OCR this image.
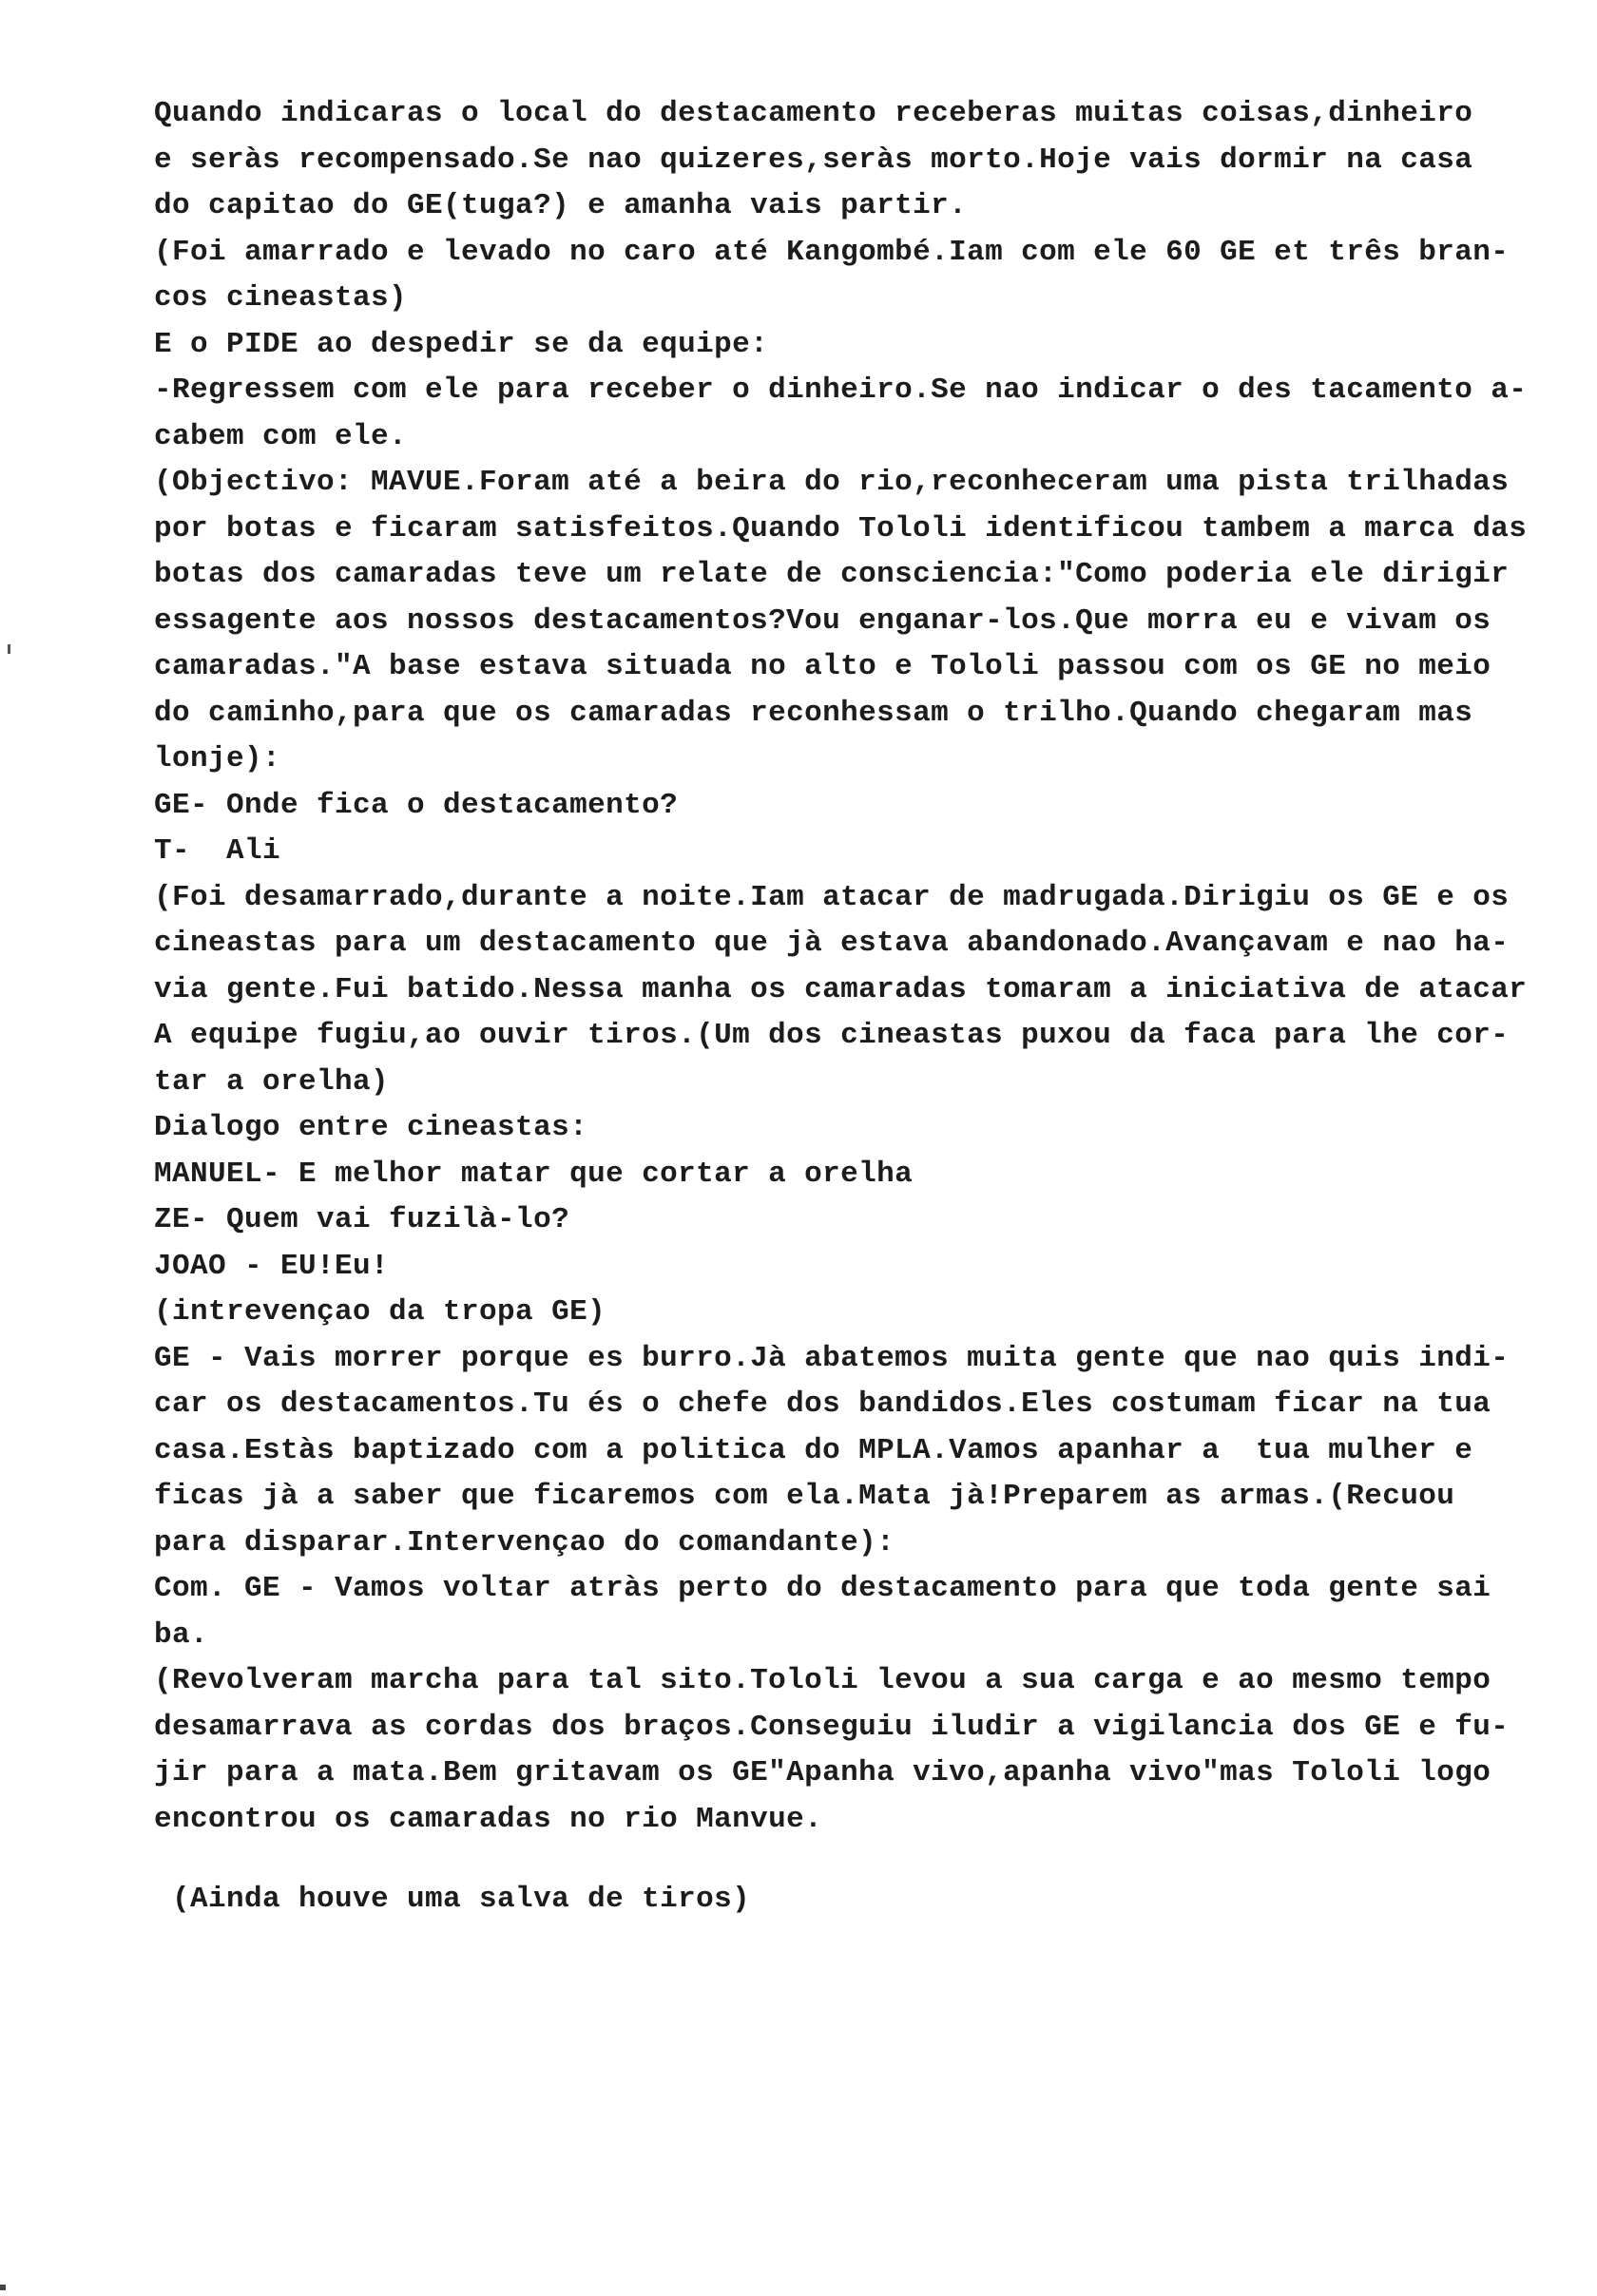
Quando indicaras o local do destacamento receberas muitas coisas,dinheiro
e seràs recompensado.Se nao quizeres,seràs morto.Hoje vais dormir na casa
do capitao do GE(tuga?) e amanha vais partir.
(Foi amarrado e levado no caro até Kangombé.Iam com ele 60 GE et três bran-
cos cineastas)
E o PIDE ao despedir se da equipe:
-Regressem com ele para receber o dinheiro.Se nao indicar o des tacamento a-
cabem com ele.
(Objectivo: MAVUE.Foram até a beira do rio,reconheceram uma pista trilhadas
por botas e ficaram satisfeitos.Quando Tololi identificou tambem a marca das
botas dos camaradas teve um relate de consciencia:"Como poderia ele dirigir
essagente aos nossos destacamentos?Vou enganar-los.Que morra eu e vivam os
camaradas."A base estava situada no alto e Tololi passou com os GE no meio
do caminho,para que os camaradas reconhessam o trilho.Quando chegaram mas
lonje):
GE- Onde fica o destacamento?
T-  Ali
(Foi desamarrado,durante a noite.Iam atacar de madrugada.Dirigiu os GE e os
cineastas para um destacamento que jà estava abandonado.Avançavam e nao ha-
via gente.Fui batido.Nessa manha os camaradas tomaram a iniciativa de atacar
A equipe fugiu,ao ouvir tiros.(Um dos cineastas puxou da faca para lhe cor-
tar a orelha)
Dialogo entre cineastas:
MANUEL- E melhor matar que cortar a orelha
ZE- Quem vai fuzilà-lo?
JOAO - EU!Eu!
(intrevençao da tropa GE)
GE - Vais morrer porque es burro.Jà abatemos muita gente que nao quis indi-
car os destacamentos.Tu és o chefe dos bandidos.Eles costumam ficar na tua
casa.Estàs baptizado com a politica do MPLA.Vamos apanhar a  tua mulher e
ficas jà a saber que ficaremos com ela.Mata jà!Preparem as armas.(Recuou
para disparar.Intervençao do comandante):
Com. GE - Vamos voltar atràs perto do destacamento para que toda gente sai
ba.
(Revolveram marcha para tal sito.Tololi levou a sua carga e ao mesmo tempo
desamarrava as cordas dos braços.Conseguiu iludir a vigilancia dos GE e fu-
jir para a mata.Bem gritavam os GE"Apanha vivo,apanha vivo"mas Tololi logo
encontrou os camaradas no rio Manvue.
(Ainda houve uma salva de tiros)
